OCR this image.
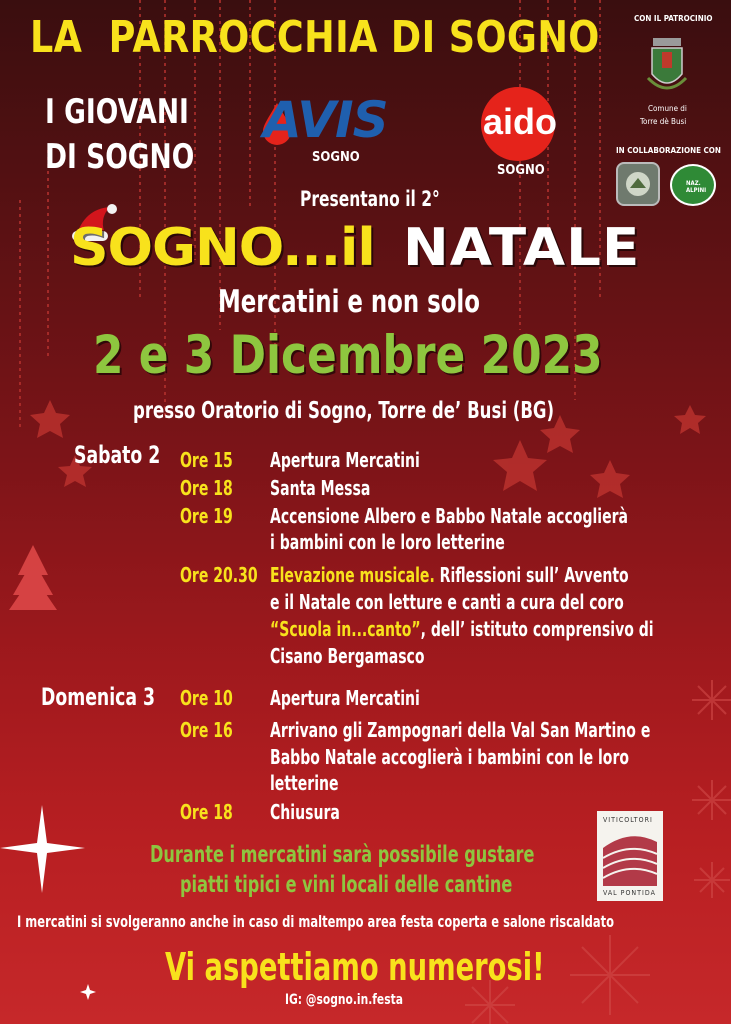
LA  PARROCCHIA DI SOGNO
I GIOVANI
DI SOGNO
AVIS
SOGNO
aido
SOGNO
CON IL PATROCINIO
Comune di
Torre dè Busi
IN COLLABORAZIONE CON
NAZ. ALPINI
Presentano il 2°
SOGNO...il NATALE
Mercatini e non solo
2 e 3 Dicembre 2023
presso Oratorio di Sogno, Torre de’ Busi (BG)
Sabato 2 Ore 15 Apertura Mercatini
Ore 18 Santa Messa
Ore 19 Accensione Albero e Babbo Natale accoglierà
i bambini con le loro letterine
Ore 20.30 Elevazione musicale. Riflessioni sull’ Avvento
e il Natale con letture e canti a cura del coro
“Scuola in...canto”, dell’ istituto comprensivo di
Cisano Bergamasco
Domenica 3 Ore 10 Apertura Mercatini
Ore 16 Arrivano gli Zampognari della Val San Martino e
Babbo Natale accoglierà i bambini con le loro
letterine
Ore 18 Chiusura	VITICOLTORI
VAL PONTIDA
Durante i mercatini sarà possibile gustare
piatti tipici e vini locali delle cantine
I mercatini si svolgeranno anche in caso di maltempo area festa coperta e salone riscaldato
Vi aspettiamo numerosi!
IG: @sogno.in.festa
